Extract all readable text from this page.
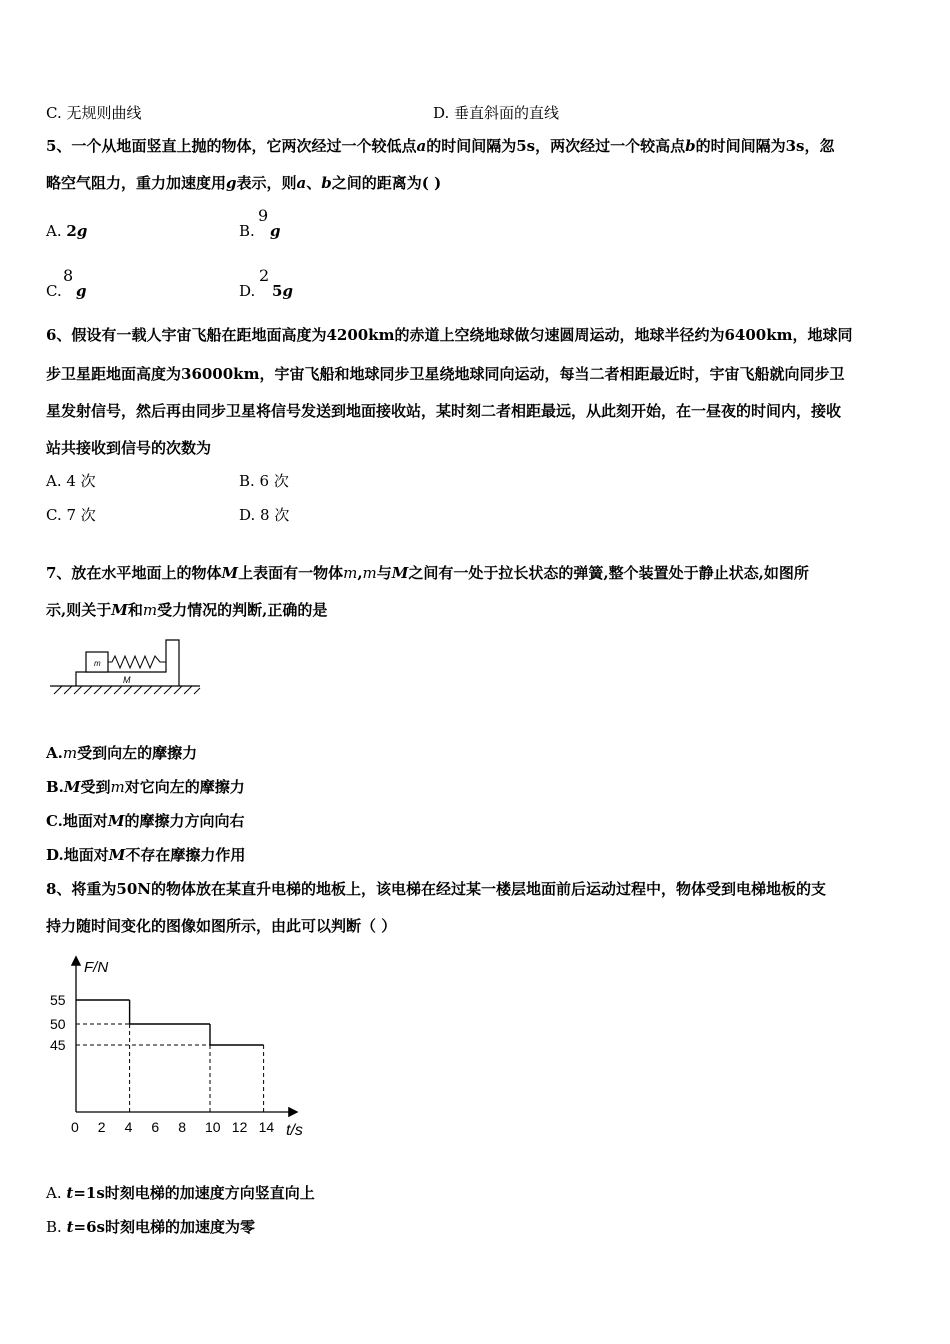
C. 无规则曲线	D. 垂直斜面的直线
5、一个从地面竖直上抛的物体，它两次经过一个较低点a的时间间隔为5s，两次经过一个较高点b的时间间隔为3s，忽
略空气阻力，重力加速度用g表示，则a、b之间的距离为( )
A. 2g	B.
9
g
C.
8
g	D.
2
5g
6、假设有一载人宇宙飞船在距地面高度为4200km的赤道上空绕地球做匀速圆周运动，地球半径约为6400km，地球同
步卫星距地面高度为36000km，宇宙飞船和地球同步卫星绕地球同向运动，每当二者相距最近时，宇宙飞船就向同步卫
星发射信号，然后再由同步卫星将信号发送到地面接收站，某时刻二者相距最远，从此刻开始，在一昼夜的时间内，接收
站共接收到信号的次数为
A. 4 次	B. 6 次
C. 7 次	D. 8 次
7、放在水平地面上的物体M上表面有一物体m,m与M之间有一处于拉长状态的弹簧,整个装置处于静止状态,如图所
示,则关于M和m受力情况的判断,正确的是
m
M
A.m受到向左的摩擦力
B.M受到m对它向左的摩擦力
C.地面对M的摩擦力方向向右
D.地面对M不存在摩擦力作用
8、将重为50N的物体放在某直升电梯的地板上，该电梯在经过某一楼层地面前后运动过程中，物体受到电梯地板的支
持力随时间变化的图像如图所示，由此可以判断（ ）
F/N
t/s
0 2 4 6 8 10 12 14
55
50
45
A. t=1s时刻电梯的加速度方向竖直向上
B. t=6s时刻电梯的加速度为零
